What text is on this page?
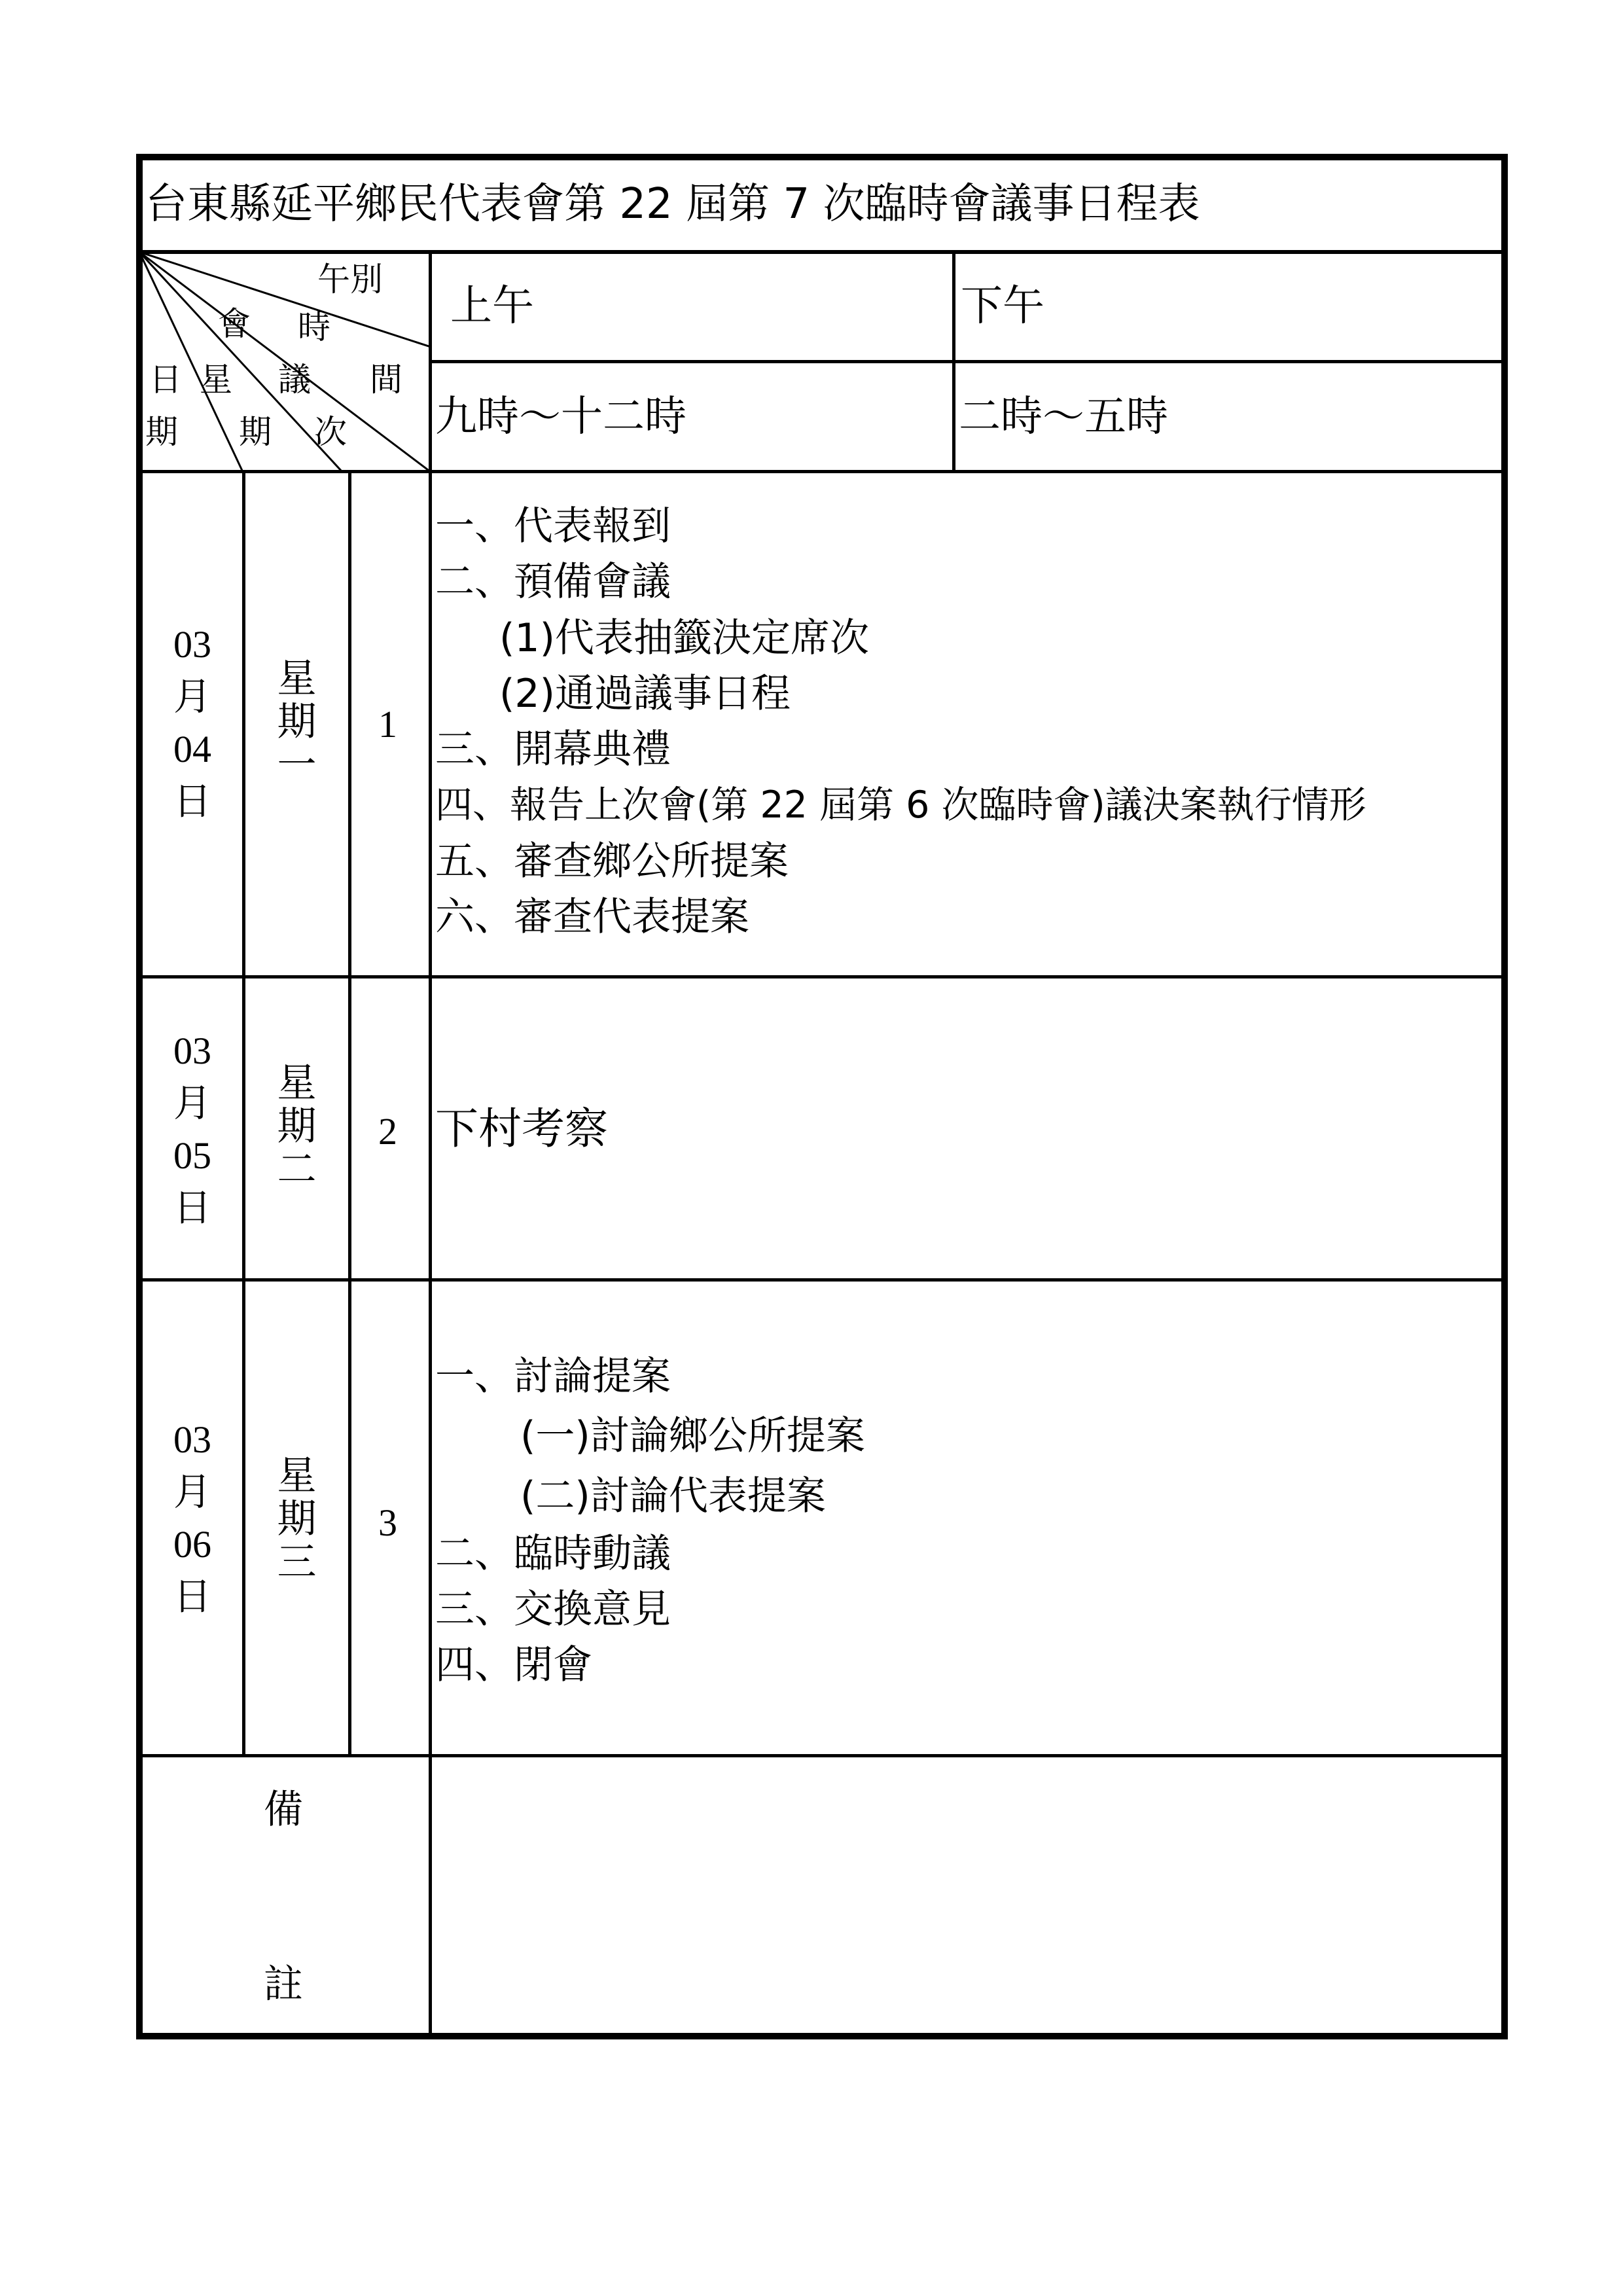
台東縣延平鄉民代表會第 22 屆第 7 次臨時會議事日程表
午別
會 時
日 星 議 間
期 期 次
上午	下午
九時～十二時	二時～五時
03
月
04
日
星
期
一
1
一、代表報到
二、預備會議
(1)代表抽籤決定席次
(2)通過議事日程
三、開幕典禮
四、報告上次會(第 22 屆第 6 次臨時會)議決案執行情形
五、審查鄉公所提案
六、審查代表提案
03
月
05
日
星
期
二
2 下村考察
03
月
06
日
星
期
三
3
一、討論提案
(一)討論鄉公所提案
(二)討論代表提案
二、臨時動議
三、交換意見
四、閉會
備
註
